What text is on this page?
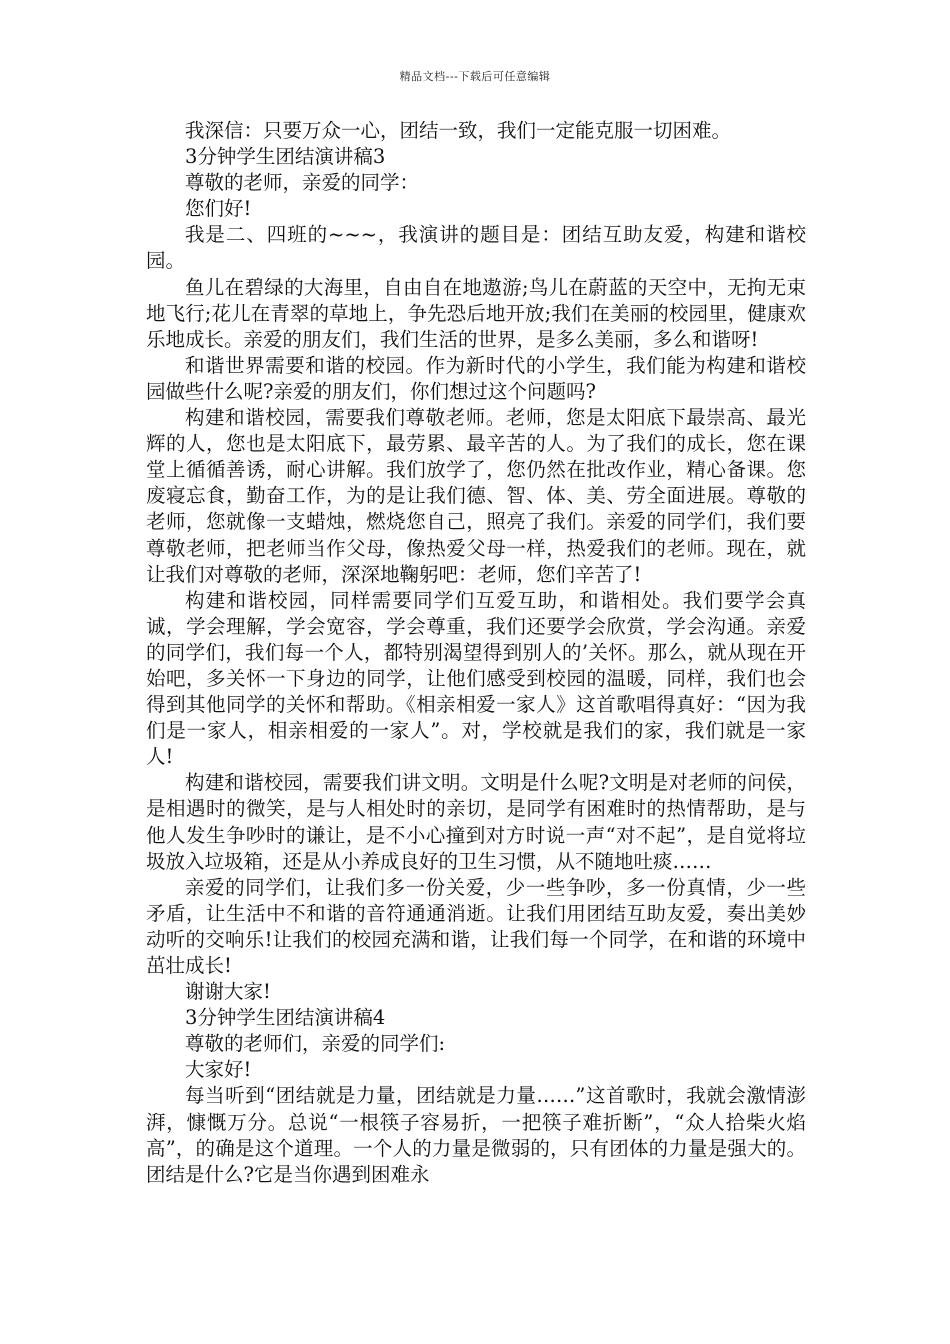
精品文档---下载后可任意编辑

我深信：只要万众一心，团结一致，我们一定能克服一切困难。

3分钟学生团结演讲稿3

尊敬的老师，亲爱的同学：

您们好!

我是二、四班的~~~，我演讲的题目是：团结互助友爱，构建和谐校园。

鱼儿在碧绿的大海里，自由自在地遨游;鸟儿在蔚蓝的天空中，无拘无束地飞行;花儿在青翠的草地上，争先恐后地开放;我们在美丽的校园里，健康欢乐地成长。亲爱的朋友们，我们生活的世界，是多么美丽，多么和谐呀!

和谐世界需要和谐的校园。作为新时代的小学生，我们能为构建和谐校园做些什么呢?亲爱的朋友们，你们想过这个问题吗?

构建和谐校园，需要我们尊敬老师。老师，您是太阳底下最崇高、最光辉的人，您也是太阳底下，最劳累、最辛苦的人。为了我们的成长，您在课堂上循循善诱，耐心讲解。我们放学了，您仍然在批改作业，精心备课。您废寝忘食，勤奋工作，为的是让我们德、智、体、美、劳全面进展。尊敬的老师，您就像一支蜡烛，燃烧您自己，照亮了我们。亲爱的同学们，我们要尊敬老师，把老师当作父母，像热爱父母一样，热爱我们的老师。现在，就让我们对尊敬的老师，深深地鞠躬吧：老师，您们辛苦了!

构建和谐校园，同样需要同学们互爱互助，和谐相处。我们要学会真诚，学会理解，学会宽容，学会尊重，我们还要学会欣赏，学会沟通。亲爱的同学们，我们每一个人，都特别渴望得到别人的’关怀。那么，就从现在开始吧，多关怀一下身边的同学，让他们感受到校园的温暖，同样，我们也会得到其他同学的关怀和帮助。《相亲相爱一家人》这首歌唱得真好：“因为我们是一家人，相亲相爱的一家人”。对，学校就是我们的家，我们就是一家人!

构建和谐校园，需要我们讲文明。文明是什么呢?文明是对老师的问侯，是相遇时的微笑，是与人相处时的亲切，是同学有困难时的热情帮助，是与他人发生争吵时的谦让，是不小心撞到对方时说一声“对不起”，是自觉将垃圾放入垃圾箱，还是从小养成良好的卫生习惯，从不随地吐痰……

亲爱的同学们，让我们多一份关爱，少一些争吵，多一份真情，少一些矛盾，让生活中不和谐的音符通通消逝。让我们用团结互助友爱，奏出美妙动听的交响乐!让我们的校园充满和谐，让我们每一个同学，在和谐的环境中茁壮成长!

谢谢大家!

3分钟学生团结演讲稿4

尊敬的老师们，亲爱的同学们:

大家好!

每当听到“团结就是力量，团结就是力量……”这首歌时，我就会激情澎湃，慷慨万分。总说“一根筷子容易折，一把筷子难折断”，“众人拾柴火焰高”，的确是这个道理。一个人的力量是微弱的，只有团体的力量是强大的。团结是什么?它是当你遇到困难永
